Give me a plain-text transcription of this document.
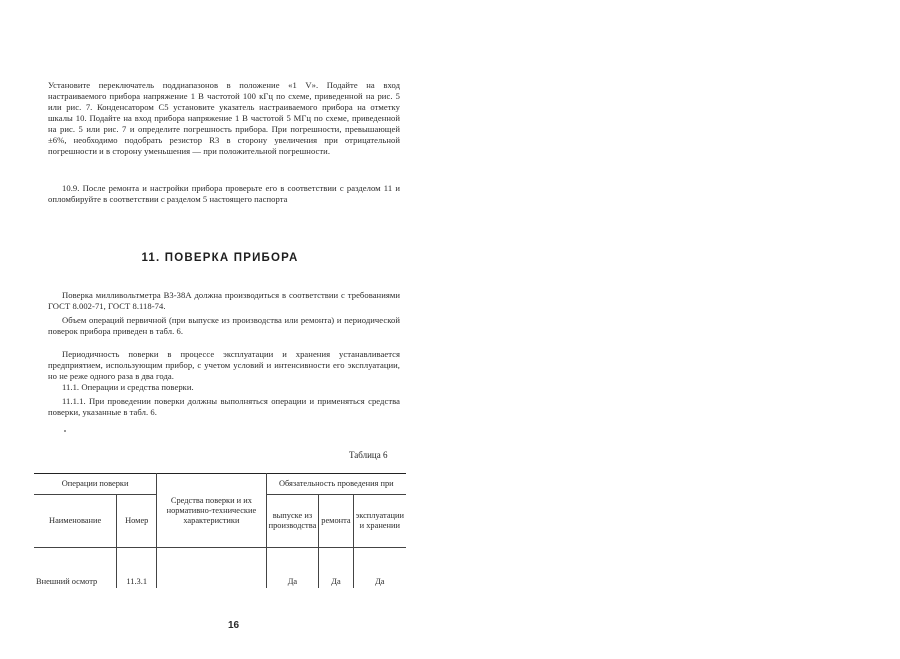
Установите переключатель поддиапазонов в положение «1 V». Подайте на вход настраиваемого прибора напряжение 1 В частотой 100 кГц по схеме, приведенной на рис. 5 или рис. 7. Конденсатором С5 установите указатель настраиваемого прибора на отметку шкалы 10. Подайте на вход прибора напряжение 1 В частотой 5 МГц по схеме, приведенной на рис. 5 или рис. 7 и определите погрешность прибора. При погрешности, превышающей ±6%, необходимо подобрать резистор R3 в сторону увеличения при отрицательной погрешности и в сторону уменьшения — при положительной погрешности.

10.9. После ремонта и настройки прибора проверьте его в соответствии с разделом 11 и опломбируйте в соответствии с разделом 5 настоящего паспорта

11. ПОВЕРКА ПРИБОРА

Поверка милливольтметра В3-38А должна производиться в соответствии с требованиями ГОСТ 8.002-71, ГОСТ 8.118-74.

Объем операций первичной (при выпуске из производства или ремонта) и периодической поверок прибора приведен в табл. 6.

Периодичность поверки в процессе эксплуатации и хранения устанавливается предприятием, использующим прибор, с учетом условий и интенсивности его эксплуатации, но не реже одного раза в два года.

11.1. Операции и средства поверки.

11.1.1. При проведении поверки должны выполняться операции и применяться средства поверки, указанные в табл. 6.

Таблица 6
Операции поверки		Средства поверки и их нормативно-технические характеристики	Обязательность проведения при		
Наименование	Номер		выпуске из производства	ремонта	эксплуатации и хранении
Внешний осмотр	11.3.1		Да	Да	Да
16
